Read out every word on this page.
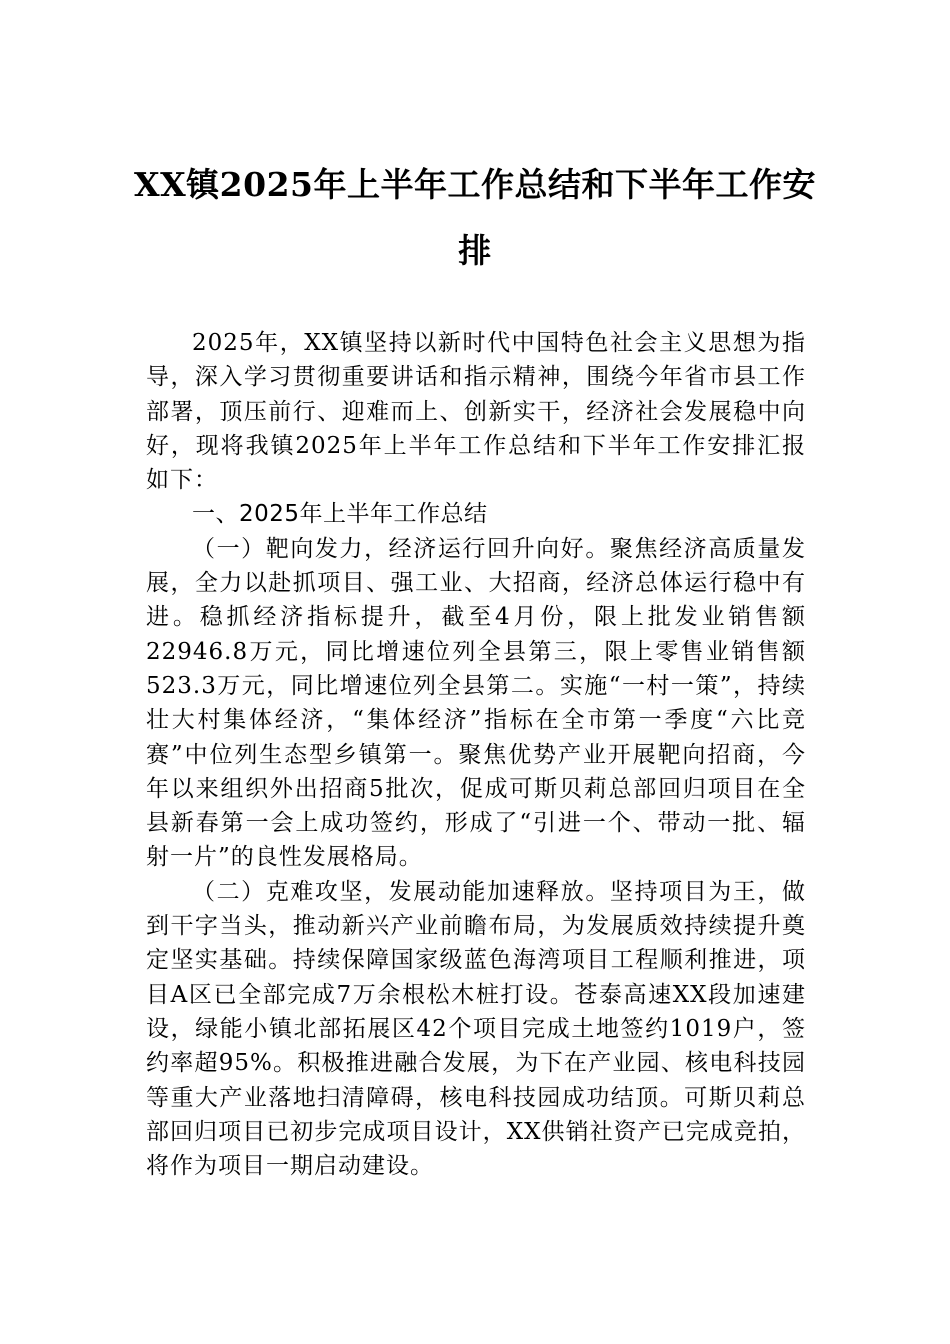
XX镇2025年上半年工作总结和下半年工作安排

2025年，XX镇坚持以新时代中国特色社会主义思想为指导，深入学习贯彻重要讲话和指示精神，围绕今年省市县工作部署，顶压前行、迎难而上、创新实干，经济社会发展稳中向好，现将我镇2025年上半年工作总结和下半年工作安排汇报如下：

一、2025年上半年工作总结

（一）靶向发力，经济运行回升向好。聚焦经济高质量发展，全力以赴抓项目、强工业、大招商，经济总体运行稳中有进。稳抓经济指标提升，截至4月份，限上批发业销售额22946.8万元，同比增速位列全县第三，限上零售业销售额523.3万元，同比增速位列全县第二。实施“一村一策”，持续壮大村集体经济，“集体经济”指标在全市第一季度“六比竞赛”中位列生态型乡镇第一。聚焦优势产业开展靶向招商，今年以来组织外出招商5批次，促成可斯贝莉总部回归项目在全县新春第一会上成功签约，形成了“引进一个、带动一批、辐射一片”的良性发展格局。

（二）克难攻坚，发展动能加速释放。坚持项目为王，做到干字当头，推动新兴产业前瞻布局，为发展质效持续提升奠定坚实基础。持续保障国家级蓝色海湾项目工程顺利推进，项目A区已全部完成7万余根松木桩打设。苍泰高速XX段加速建设，绿能小镇北部拓展区42个项目完成土地签约1019户，签约率超95%。积极推进融合发展，为下在产业园、核电科技园等重大产业落地扫清障碍，核电科技园成功结顶。可斯贝莉总部回归项目已初步完成项目设计，XX供销社资产已完成竞拍，将作为项目一期启动建设。
